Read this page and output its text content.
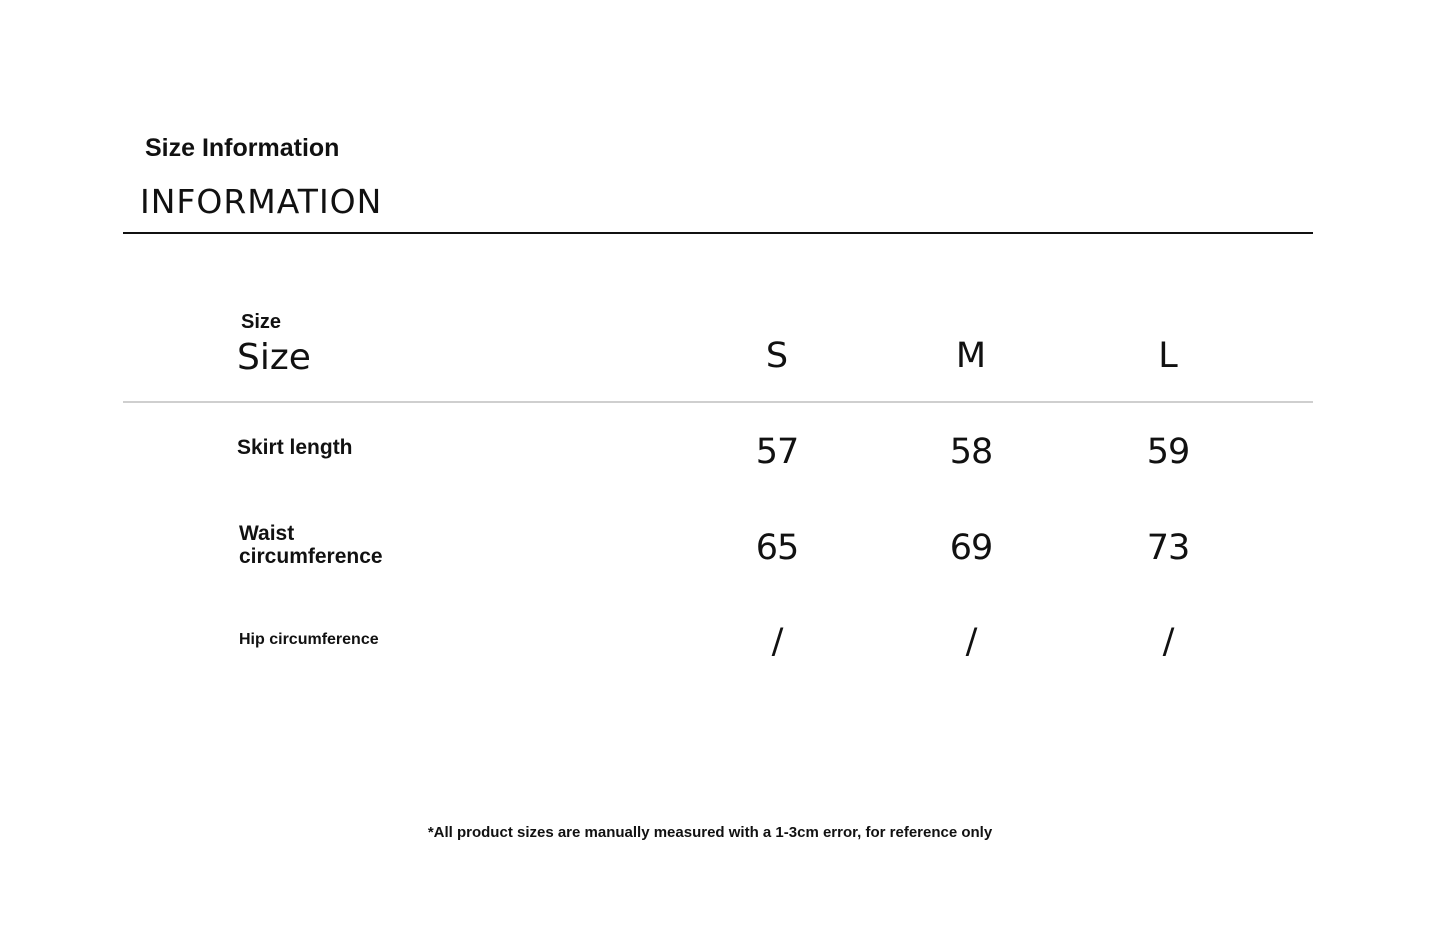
Size Information
INFORMATION
Size
Size	S	M	L
Skirt length	57	58	59
Waist
circumference	65	69	73
Hip circumference	/	/	/
*All product sizes are manually measured with a 1-3cm error, for reference only
